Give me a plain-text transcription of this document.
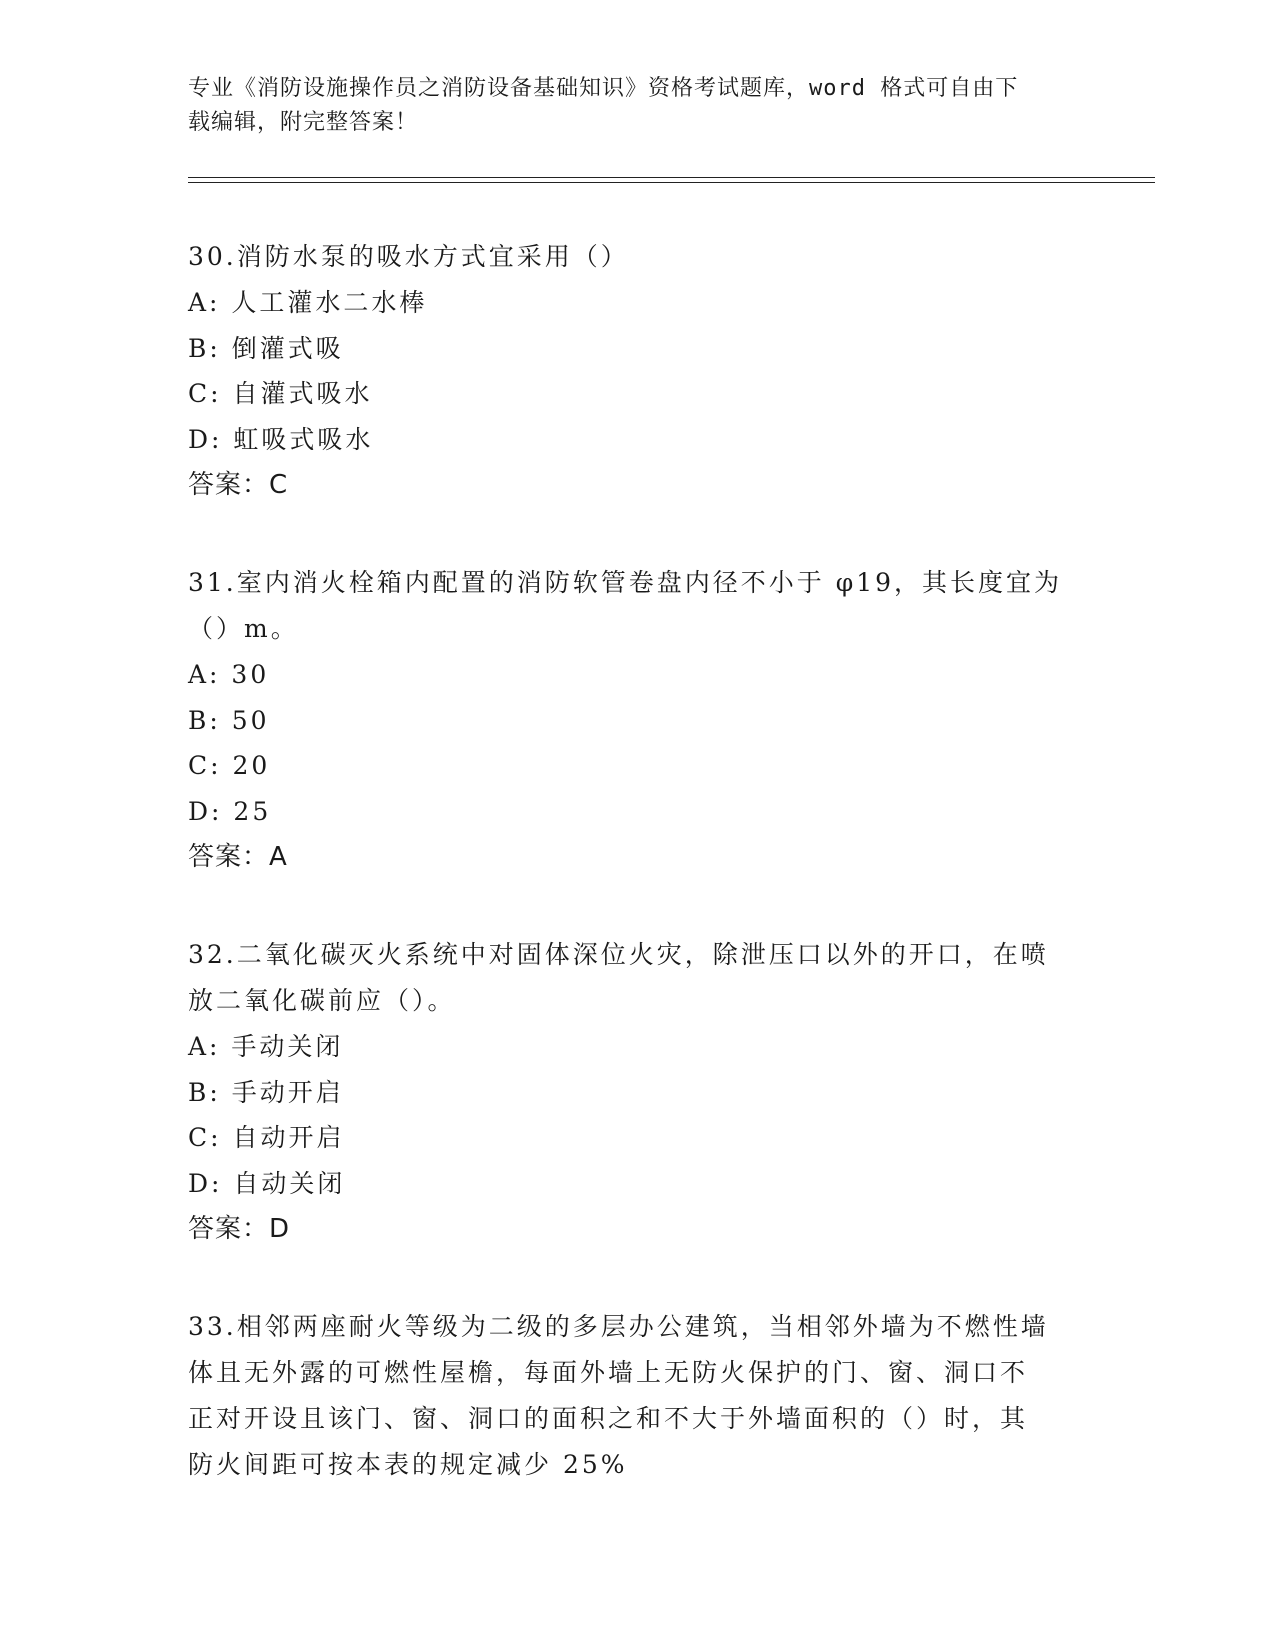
专业《消防设施操作员之消防设备基础知识》资格考试题库，word 格式可自由下
载编辑，附完整答案！
30.消防水泵的吸水方式宜采用（）
A: 人工灌水二水棒
B: 倒灌式吸
C: 自灌式吸水
D: 虹吸式吸水
答案：C
31.室内消火栓箱内配置的消防软管卷盘内径不小于 φ19，其长度宜为
（）m。
A: 30
B: 50
C: 20
D: 25
答案：A
32.二氧化碳灭火系统中对固体深位火灾，除泄压口以外的开口，在喷
放二氧化碳前应（）。
A: 手动关闭
B: 手动开启
C: 自动开启
D: 自动关闭
答案：D
33.相邻两座耐火等级为二级的多层办公建筑，当相邻外墙为不燃性墙
体且无外露的可燃性屋檐，每面外墙上无防火保护的门、窗、洞口不
正对开设且该门、窗、洞口的面积之和不大于外墙面积的（）时，其
防火间距可按本表的规定减少 25%
